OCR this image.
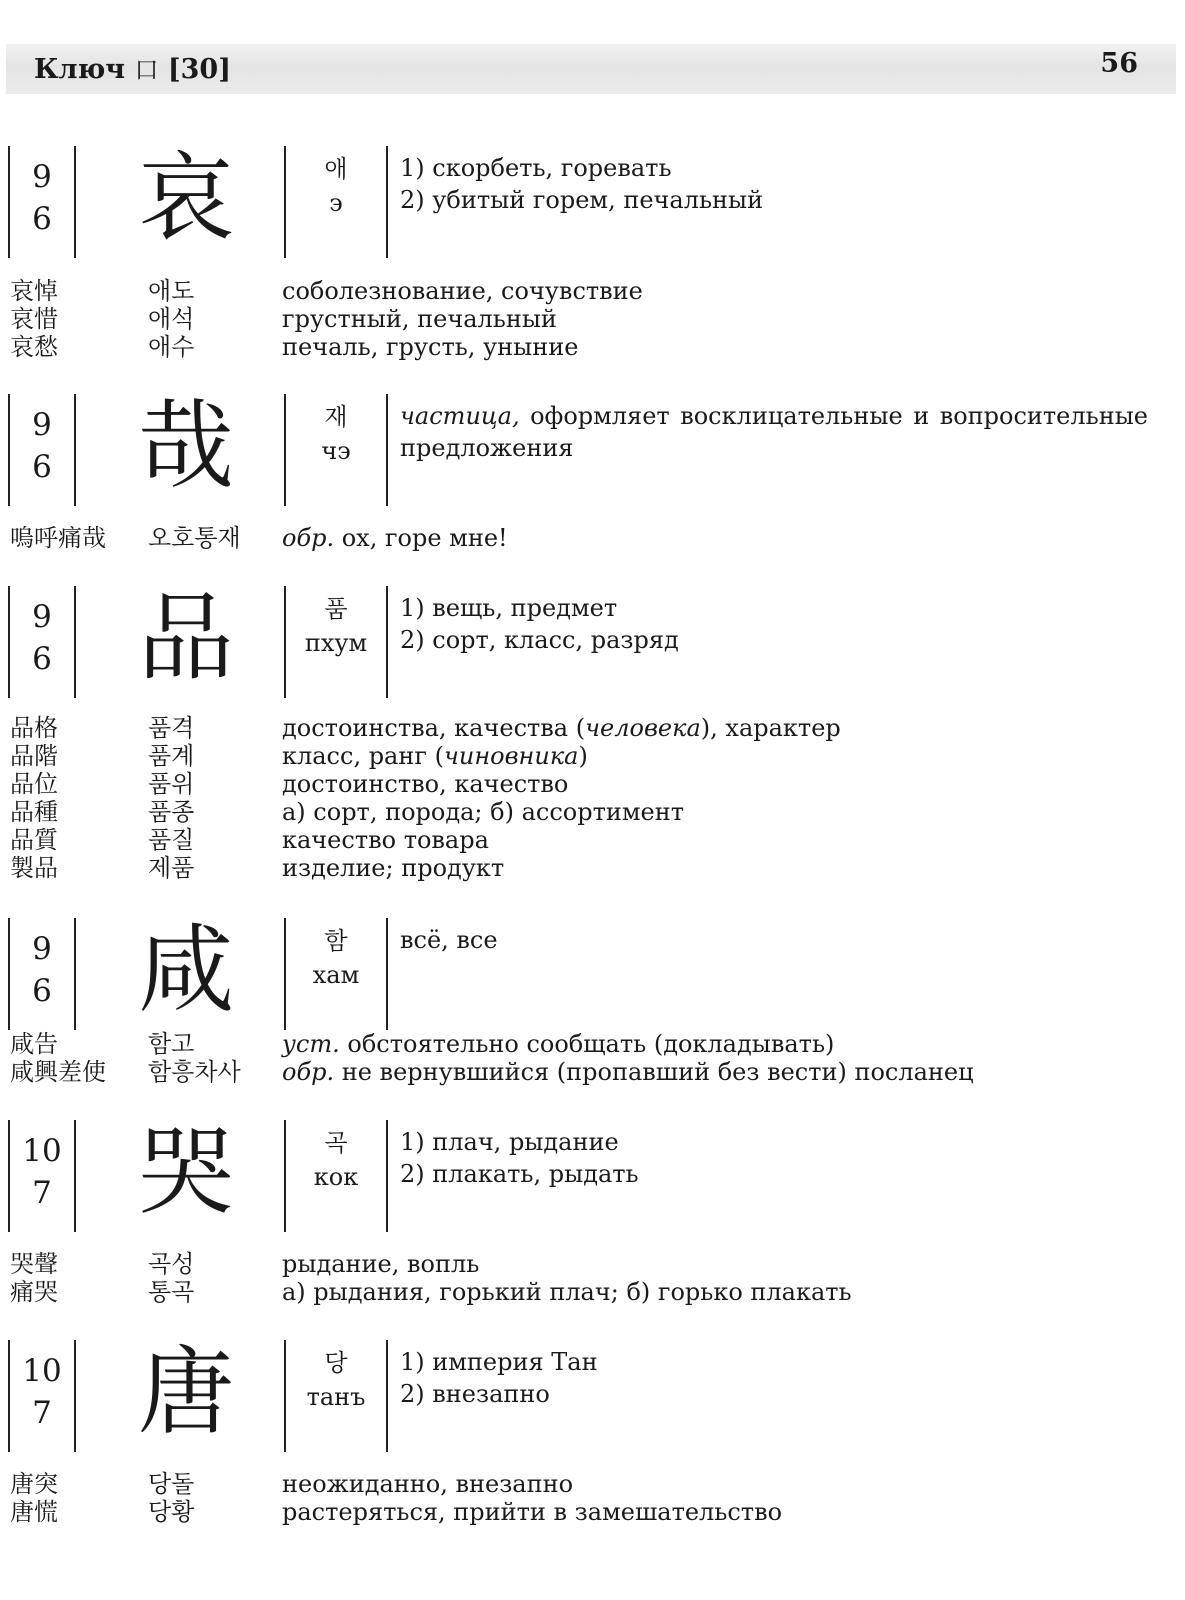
Ключ 口 [30]	56
9
6 哀	애
э
1) скорбеть, горевать
2) убитый горем, печальный
哀悼	애도	соболезнование, сочувствие
哀惜	애석	грустный, печальный
哀愁	애수	печаль, грусть, уныние
9
6 哉	재
чэ
частица, оформляет восклицательные и вопросительные предложения
嗚呼痛哉 오호통재 обр. ох, горе мне!
9
6 品	품
пхум
1) вещь, предмет
2) сорт, класс, разряд
品格	품격	достоинства, качества (человека), характер
品階	품계	класс, ранг (чиновника)
品位	품위	достоинство, качество
品種	품종	а) сорт, порода; б) ассортимент
品質	품질	качество товара
製品	제품	изделие; продукт
9
6 咸	함
хам
всё, все
咸告	함고	уст. обстоятельно сообщать (докладывать)
咸興差使 함흥차사 обр. не вернувшийся (пропавший без вести) посланец
10
7 哭	곡
кок
1) плач, рыдание
2) плакать, рыдать
哭聲	곡성	рыдание, вопль
痛哭	통곡	а) рыдания, горький плач; б) горько плакать
10
7 唐	당
танъ
1) империя Тан
2) внезапно
唐突	당돌	неожиданно, внезапно
唐慌	당황	растеряться, прийти в замешательство
